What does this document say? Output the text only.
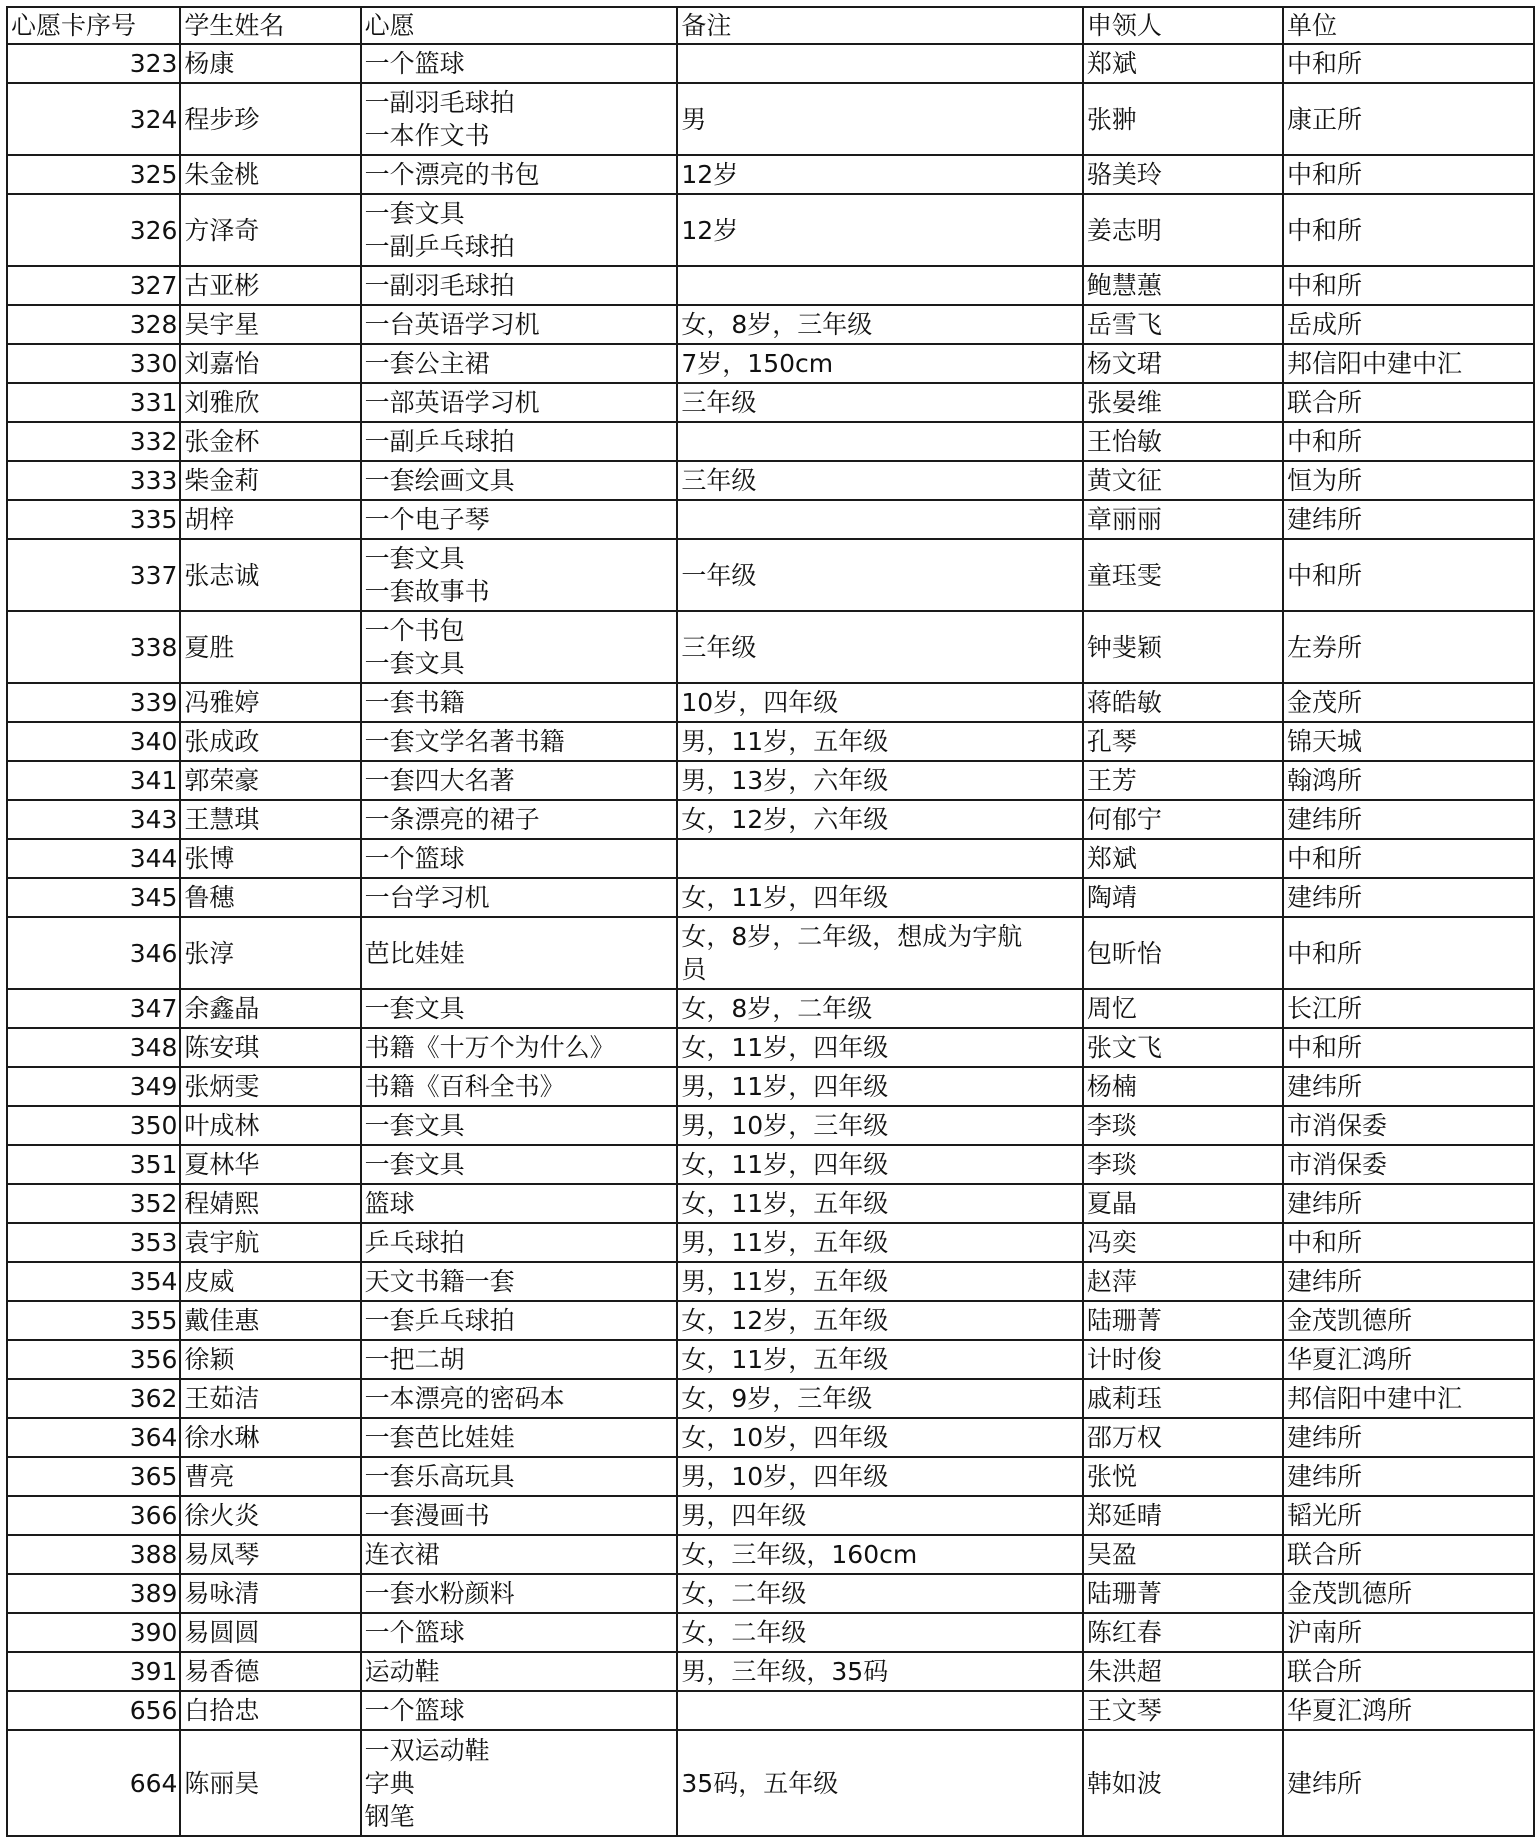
心愿卡序号	学生姓名	心愿	备注	申领人	单位
323	杨康	一个篮球		郑斌	中和所
324	程步珍	一副羽毛球拍
一本作文书	男	张翀	康正所
325	朱金桃	一个漂亮的书包	12岁	骆美玲	中和所
326	方泽奇	一套文具
一副乒乓球拍	12岁	姜志明	中和所
327	古亚彬	一副羽毛球拍		鲍慧蕙	中和所
328	吴宇星	一台英语学习机	女，8岁，三年级	岳雪飞	岳成所
330	刘嘉怡	一套公主裙	7岁，150cm	杨文珺	邦信阳中建中汇
331	刘雅欣	一部英语学习机	三年级	张晏维	联合所
332	张金杯	一副乒乓球拍		王怡敏	中和所
333	柴金莉	一套绘画文具	三年级	黄文征	恒为所
335	胡梓	一个电子琴		章丽丽	建纬所
337	张志诚	一套文具
一套故事书	一年级	童珏雯	中和所
338	夏胜	一个书包
一套文具	三年级	钟斐颖	左券所
339	冯雅婷	一套书籍	10岁，四年级	蒋皓敏	金茂所
340	张成政	一套文学名著书籍	男，11岁，五年级	孔琴	锦天城
341	郭荣豪	一套四大名著	男，13岁，六年级	王芳	翰鸿所
343	王慧琪	一条漂亮的裙子	女，12岁，六年级	何郁宁	建纬所
344	张博	一个篮球		郑斌	中和所
345	鲁穗	一台学习机	女，11岁，四年级	陶靖	建纬所
346	张淳	芭比娃娃	女，8岁，二年级，想成为宇航
员	包昕怡	中和所
347	余鑫晶	一套文具	女，8岁，二年级	周忆	长江所
348	陈安琪	书籍《十万个为什么》	女，11岁，四年级	张文飞	中和所
349	张炳雯	书籍《百科全书》	男，11岁，四年级	杨楠	建纬所
350	叶成林	一套文具	男，10岁，三年级	李琰	市消保委
351	夏林华	一套文具	女，11岁，四年级	李琰	市消保委
352	程婧熙	篮球	女，11岁，五年级	夏晶	建纬所
353	袁宇航	乒乓球拍	男，11岁，五年级	冯奕	中和所
354	皮威	天文书籍一套	男，11岁，五年级	赵萍	建纬所
355	戴佳惠	一套乒乓球拍	女，12岁，五年级	陆珊菁	金茂凯德所
356	徐颖	一把二胡	女，11岁，五年级	计时俊	华夏汇鸿所
362	王茹洁	一本漂亮的密码本	女，9岁，三年级	戚莉珏	邦信阳中建中汇
364	徐水琳	一套芭比娃娃	女，10岁，四年级	邵万权	建纬所
365	曹亮	一套乐高玩具	男，10岁，四年级	张悦	建纬所
366	徐火炎	一套漫画书	男，四年级	郑延晴	韬光所
388	易凤琴	连衣裙	女，三年级，160cm	吴盈	联合所
389	易咏清	一套水粉颜料	女，二年级	陆珊菁	金茂凯德所
390	易圆圆	一个篮球	女，二年级	陈红春	沪南所
391	易香德	运动鞋	男，三年级，35码	朱洪超	联合所
656	白拾忠	一个篮球		王文琴	华夏汇鸿所
664	陈丽昊	一双运动鞋
字典
钢笔	35码，五年级	韩如波	建纬所
